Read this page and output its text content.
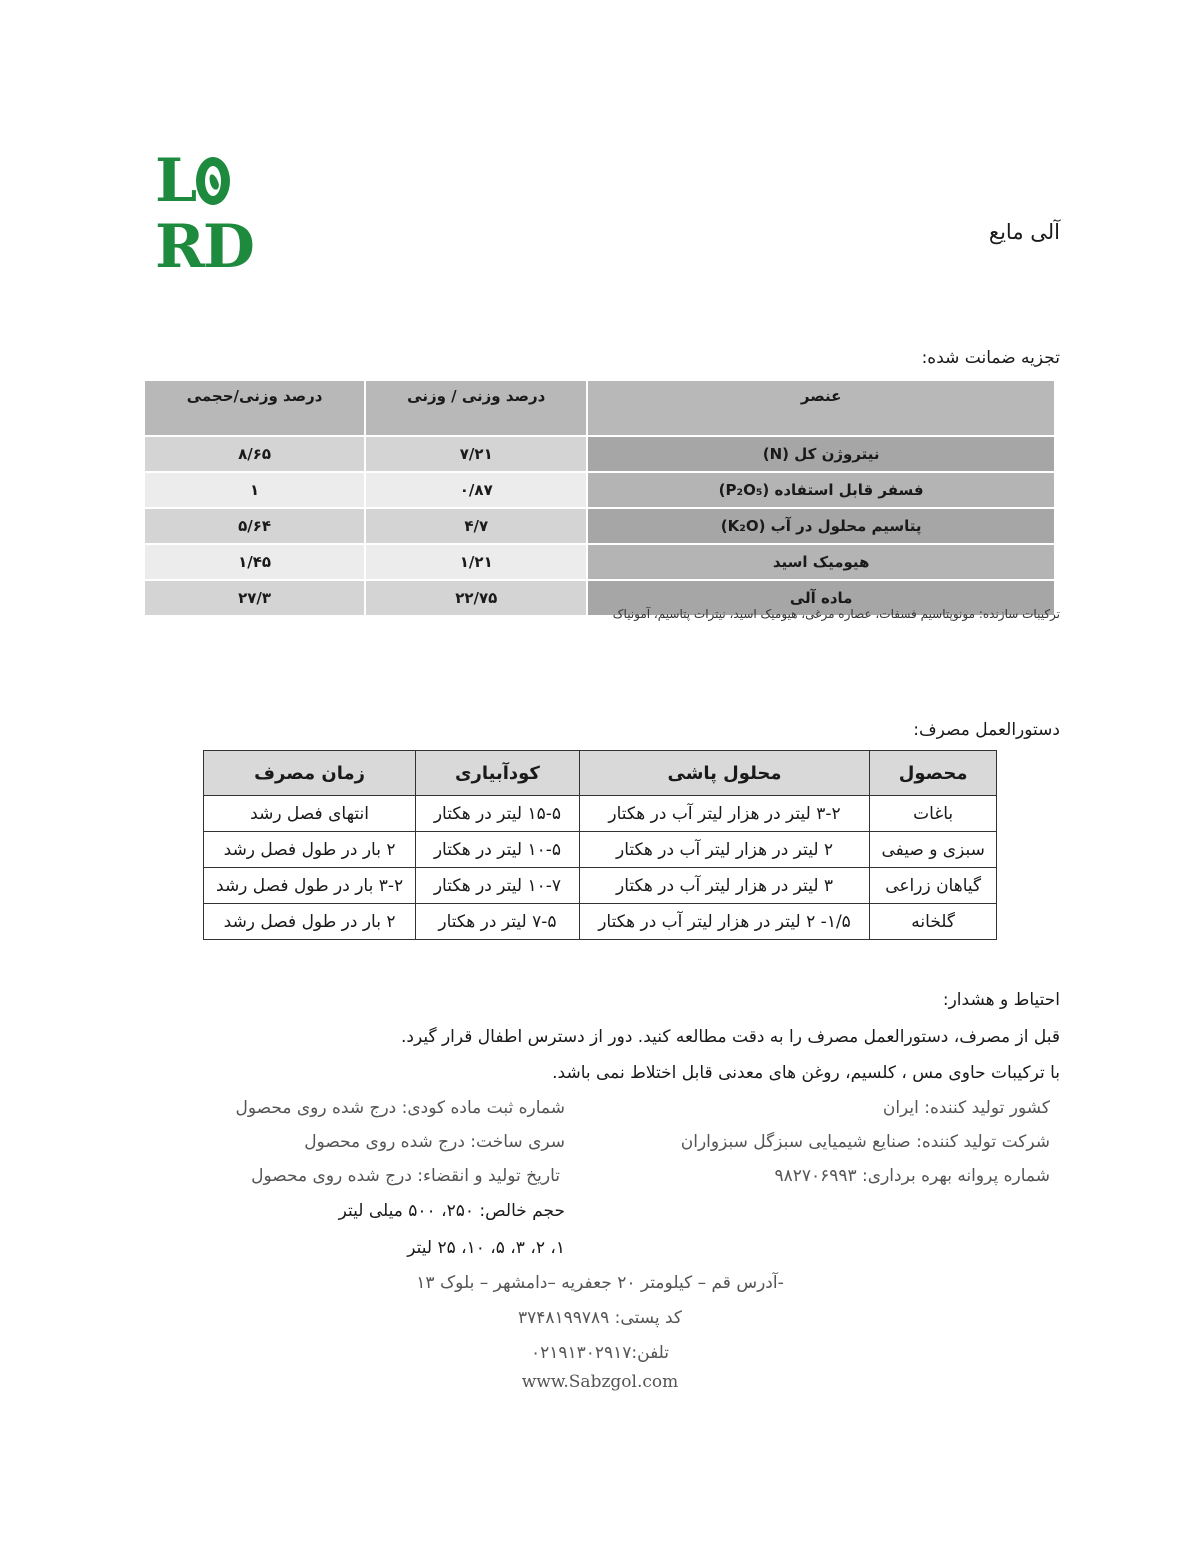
LRD	آلی مایع
تجزیه ضمانت شده:
عنصر	درصد وزنی / وزنی	درصد وزنی/حجمی
نیتروژن کل (N)	۷/۲۱	۸/۶۵
فسفر قابل استفاده (P₂O₅)	۰/۸۷	۱
پتاسیم محلول در آب (K₂O)	۴/۷	۵/۶۴
هیومیک اسید	۱/۲۱	۱/۴۵
ماده آلی	۲۲/۷۵	۲۷/۳
ترکیبات سازنده: مونوپتاسیم فسفات، عصاره مرغی، هیومیک اسید، نیترات پتاسیم، آمونیاک
دستورالعمل مصرف:
محصول	محلول پاشی	کودآبیاری	زمان مصرف
باغات	۳-۲ لیتر در هزار لیتر آب در هکتار	۱۵-۵ لیتر در هکتار	انتهای فصل رشد
سبزی و صیفی	۲ لیتر در هزار لیتر آب در هکتار	۱۰-۵ لیتر در هکتار	۲ بار در طول فصل رشد
گیاهان زراعی	۳ لیتر در هزار لیتر آب در هکتار	۱۰-۷ لیتر در هکتار	۳-۲ بار در طول فصل رشد
گلخانه	۱/۵- ۲ لیتر در هزار لیتر آب در هکتار	۷-۵ لیتر در هکتار	۲ بار در طول فصل رشد
احتیاط و هشدار:
قبل از مصرف، دستورالعمل مصرف را به دقت مطالعه کنید. دور از دسترس اطفال قرار گیرد.
با ترکیبات حاوی مس ، کلسیم، روغن های معدنی قابل اختلاط نمی باشد.
کشور تولید کننده: ایران
شرکت تولید کننده: صنایع شیمیایی سبزگل سبزواران
شماره پروانه بهره برداری: ۹۸۲۷۰۶۹۹۳
شماره ثبت ماده کودی: درج شده روی محصول
سری ساخت: درج شده روی محصول
تاریخ تولید و انقضاء: درج شده روی محصول
حجم خالص: ۲۵۰، ۵۰۰ میلی لیتر
۱، ۲، ۳، ۵، ۱۰، ۲۵ لیتر
-آدرس قم – کیلومتر ۲۰ جعفریه –دامشهر – بلوک ۱۳
کد پستی: ۳۷۴۸۱۹۹۷۸۹
تلفن:۰۲۱۹۱۳۰۲۹۱۷
www.Sabzgol.com
